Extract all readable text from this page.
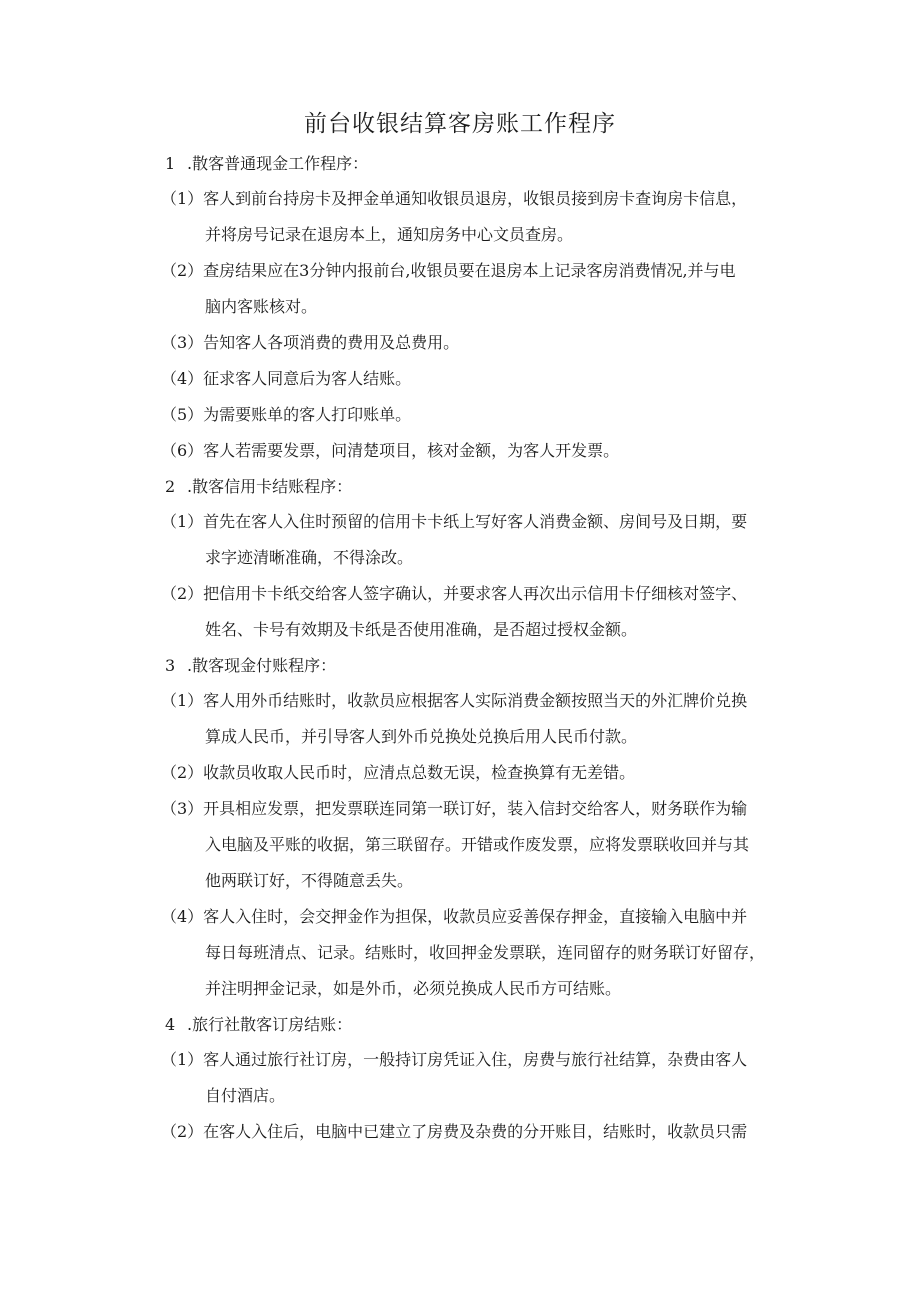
前台收银结算客房账工作程序
1 .散客普通现金工作程序：
（1）客人到前台持房卡及押金单通知收银员退房，收银员接到房卡查询房卡信息，
并将房号记录在退房本上，通知房务中心文员查房。
（2）查房结果应在3分钟内报前台,收银员要在退房本上记录客房消费情况,并与电
脑内客账核对。
（3）告知客人各项消费的费用及总费用。
（4）征求客人同意后为客人结账。
（5）为需要账单的客人打印账单。
（6）客人若需要发票，问清楚项目，核对金额，为客人开发票。
2 .散客信用卡结账程序：
（1）首先在客人入住时预留的信用卡卡纸上写好客人消费金额、房间号及日期，要
求字迹清晰准确，不得涂改。
（2）把信用卡卡纸交给客人签字确认，并要求客人再次出示信用卡仔细核对签字、
姓名、卡号有效期及卡纸是否使用准确，是否超过授权金额。
3 .散客现金付账程序：
（1）客人用外币结账时，收款员应根据客人实际消费金额按照当天的外汇牌价兑换
算成人民币，并引导客人到外币兑换处兑换后用人民币付款。
（2）收款员收取人民币时，应清点总数无误，检查换算有无差错。
（3）开具相应发票，把发票联连同第一联订好，装入信封交给客人，财务联作为输
入电脑及平账的收据，第三联留存。开错或作废发票，应将发票联收回并与其
他两联订好，不得随意丢失。
（4）客人入住时，会交押金作为担保，收款员应妥善保存押金，直接输入电脑中并
每日每班清点、记录。结账时，收回押金发票联，连同留存的财务联订好留存，
并注明押金记录，如是外币，必须兑换成人民币方可结账。
4 .旅行社散客订房结账：
（1）客人通过旅行社订房，一般持订房凭证入住，房费与旅行社结算，杂费由客人
自付酒店。
（2）在客人入住后，电脑中已建立了房费及杂费的分开账目，结账时，收款员只需
